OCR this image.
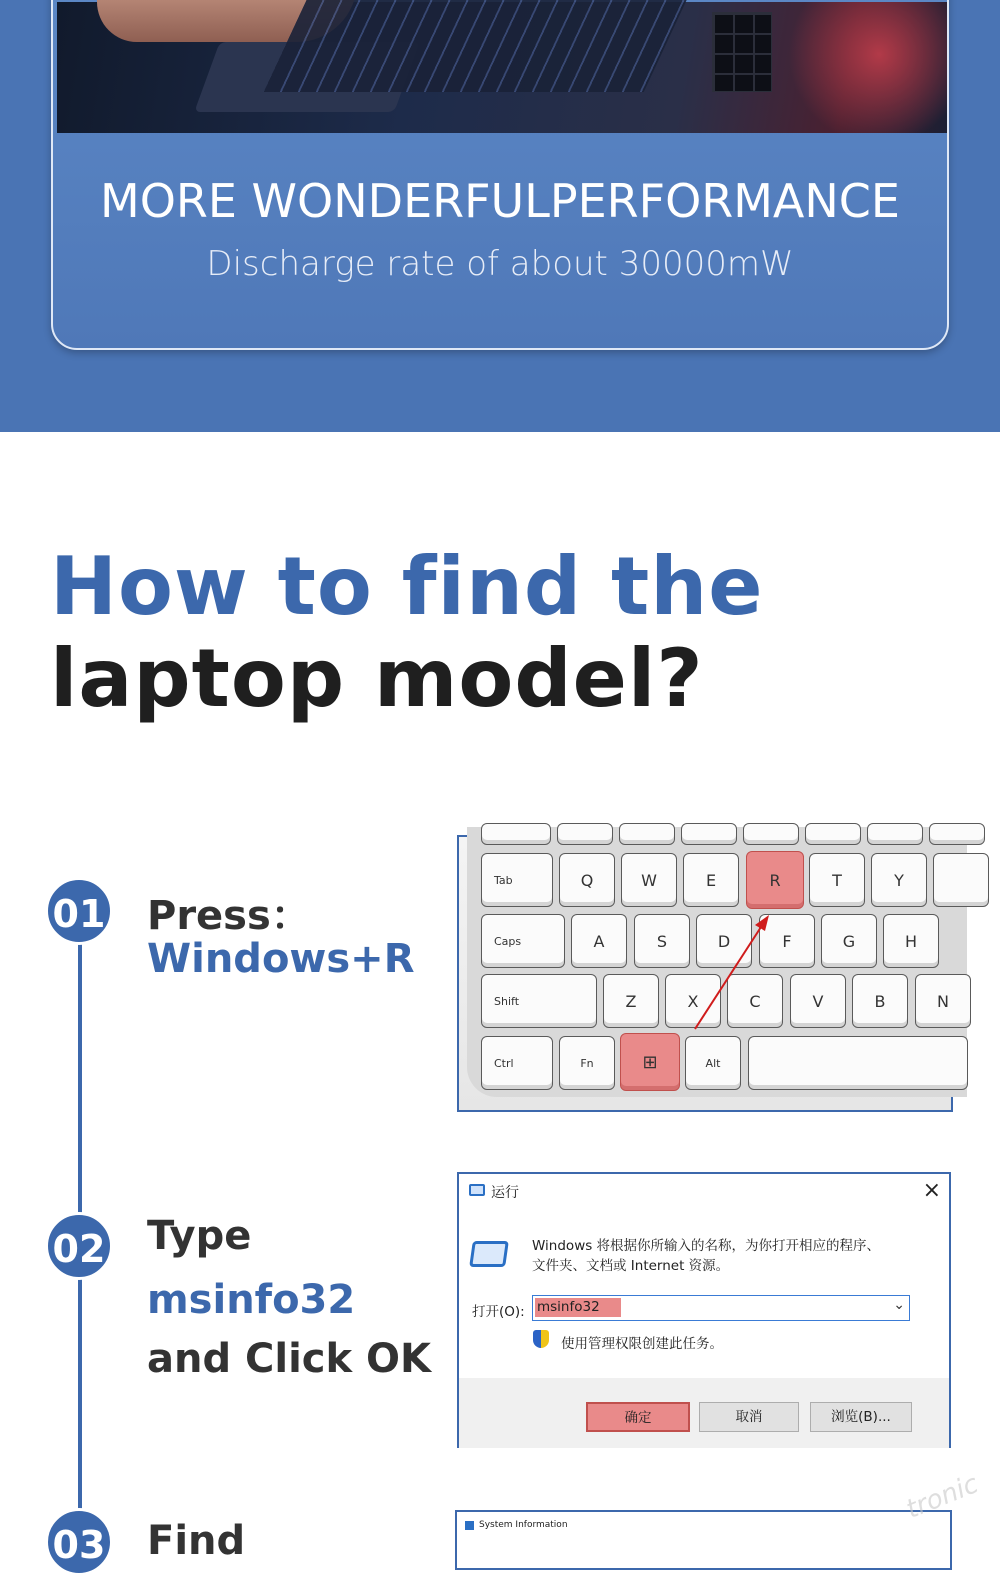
MORE WONDERFULPERFORMANCE
Discharge rate of about 30000mW
How to find the
laptop model?
01 Press：
Windows+R
02 Type
msinfo32
and Click OK
03 Find
Tab	Q	W	E	R	T	Y
Caps	A	S	D	F	G	H
Shift	Z	X	C	V	B	N
Ctrl	Fn	⊞	Alt
运行	×
Windows 将根据你所输入的名称，为你打开相应的程序、
文件夹、文档或 Internet 资源。
打开(O): msinfo32	⌄
使用管理权限创建此任务。
确定	取消	浏览(B)...
System Information
tronic
